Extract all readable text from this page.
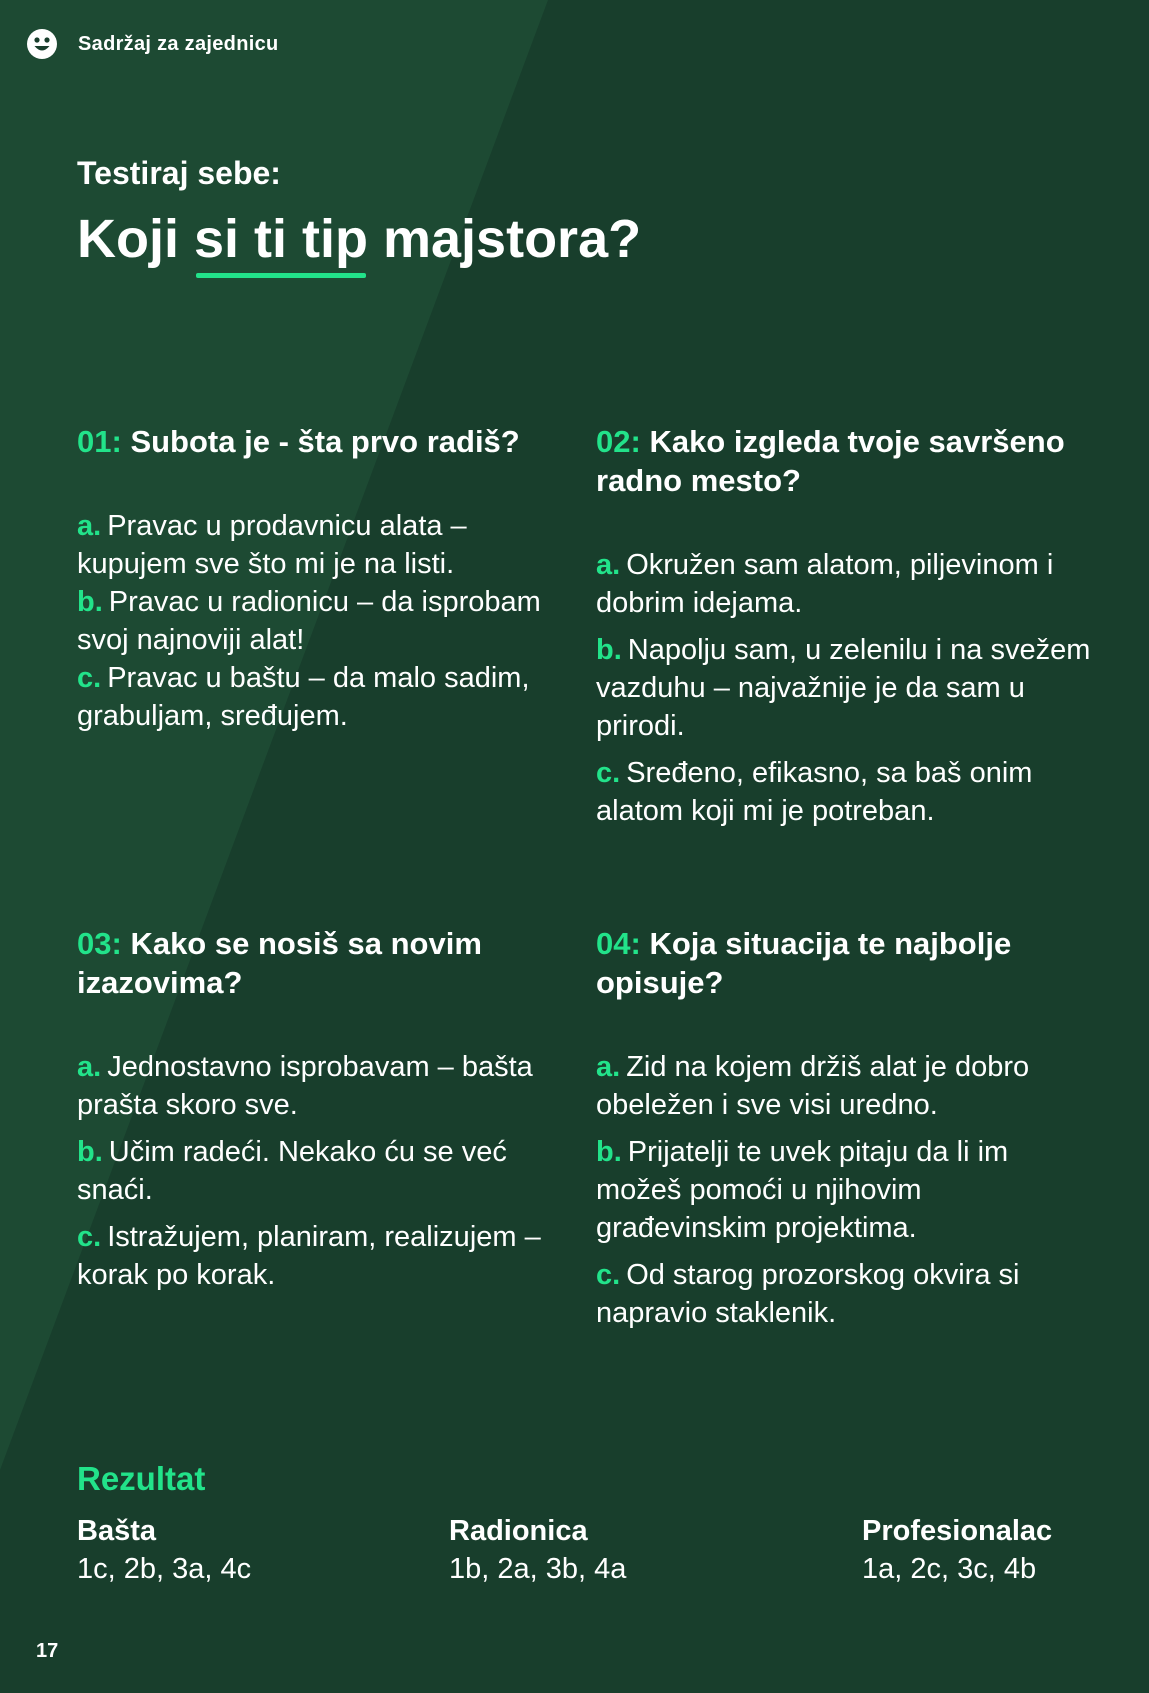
Sadržaj za zajednicu
Testiraj sebe:
Koji si ti tip majstora?

01: Subota je - šta prvo radiš?

a. Pravac u prodavnicu alata – kupujem sve što mi je na listi.
b. Pravac u radionicu – da isprobam svoj najnoviji alat!
c. Pravac u baštu – da malo sadim, grabuljam, sređujem.

02: Kako izgleda tvoje savršeno radno mesto?

a. Okružen sam alatom, piljevinom i dobrim idejama.
b. Napolju sam, u zelenilu i na svežem vazduhu – najvažnije je da sam u prirodi.
c. Sređeno, efikasno, sa baš onim alatom koji mi je potreban.

03: Kako se nosiš sa novim izazovima?

a. Jednostavno isprobavam – bašta prašta skoro sve.
b. Učim radeći. Nekako ću se već snaći.
c. Istražujem, planiram, realizujem – korak po korak.

04: Koja situacija te najbolje opisuje?

a. Zid na kojem držiš alat je dobro obeležen i sve visi uredno.
b. Prijatelji te uvek pitaju da li im možeš pomoći u njihovim građevinskim projektima.
c. Od starog prozorskog okvira si napravio staklenik.
Rezultat
Bašta
1c, 2b, 3a, 4c
Radionica
1b, 2a, 3b, 4a
Profesionalac
1a, 2c, 3c, 4b
17
